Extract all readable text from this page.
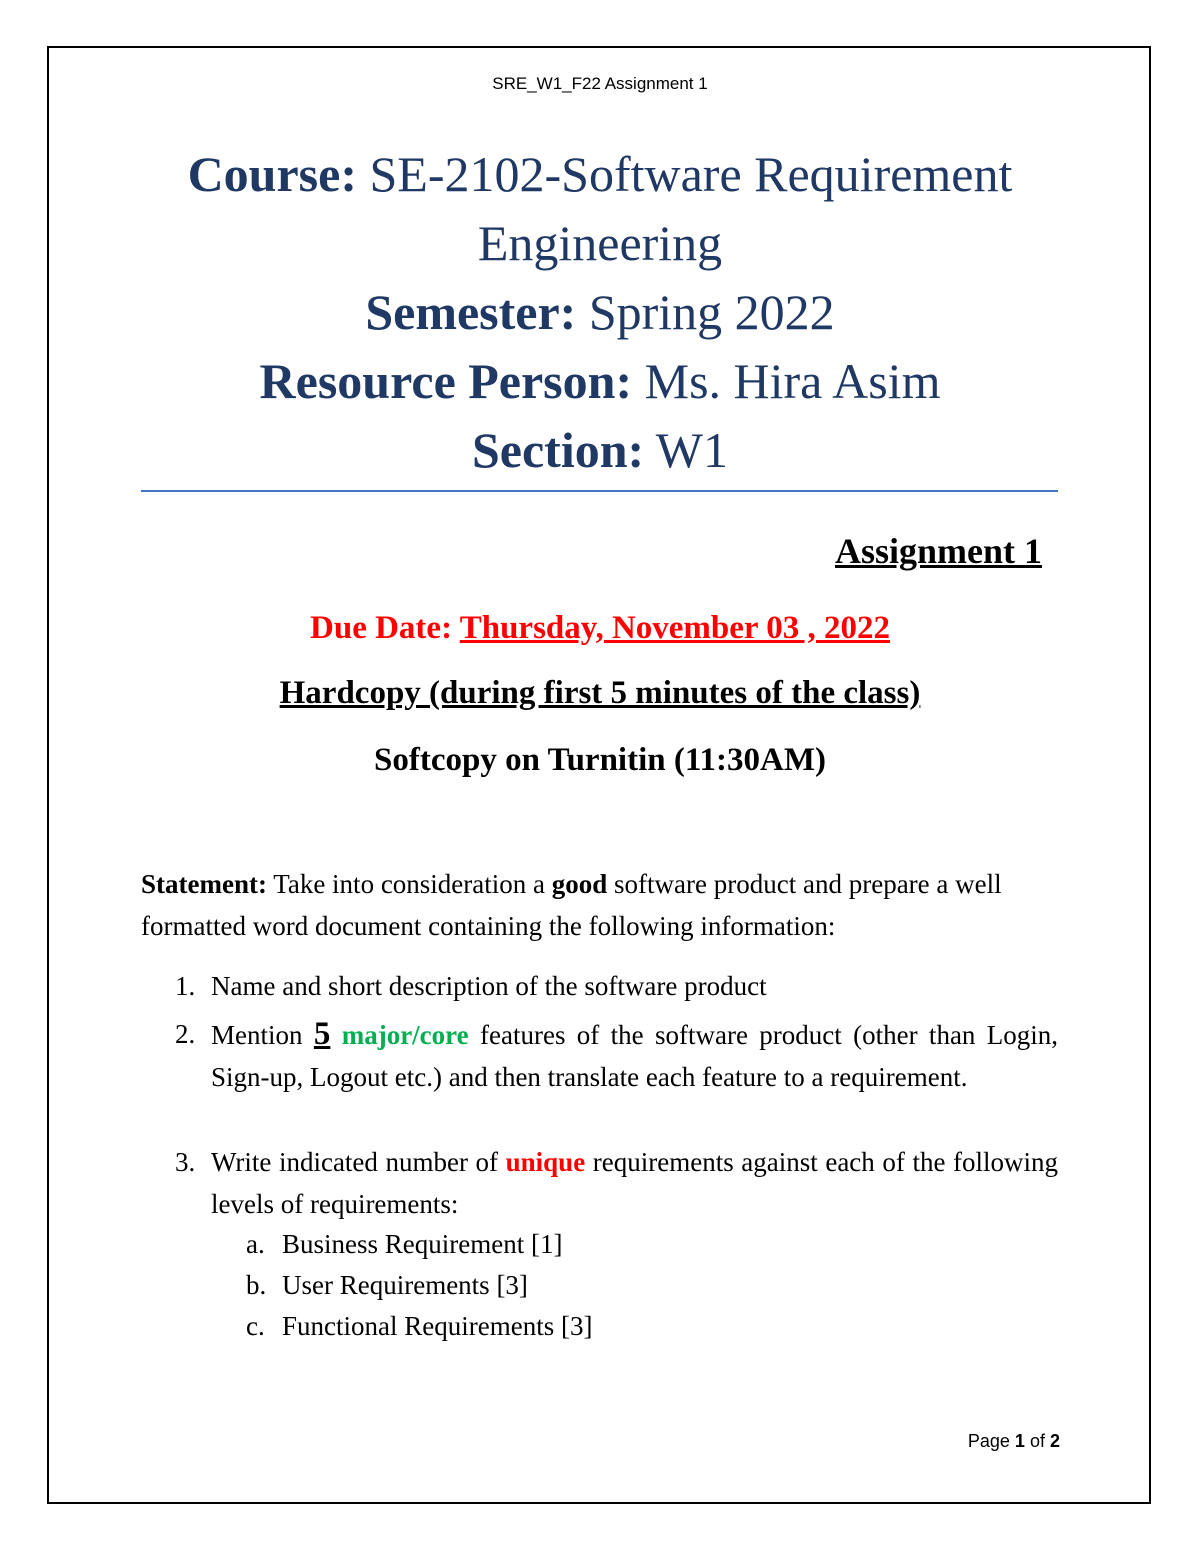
SRE_W1_F22 Assignment 1
Course: SE-2102-Software Requirement
Engineering
Semester: Spring 2022
Resource Person: Ms. Hira Asim
Section: W1
Assignment 1
Due Date: Thursday, November 03 , 2022
Hardcopy (during first 5 minutes of the class)
Softcopy on Turnitin (11:30AM)
Statement: Take into consideration a good software product and prepare a well formatted word document containing the following information:
1. Name and short description of the software product
2. Mention 5 major/core features of the software product (other than Login, Sign-up, Logout etc.) and then translate each feature to a requirement.
3. Write indicated number of unique requirements against each of the following levels of requirements:
a. Business Requirement [1]
b. User Requirements [3]
c. Functional Requirements [3]
Page 1 of 2
